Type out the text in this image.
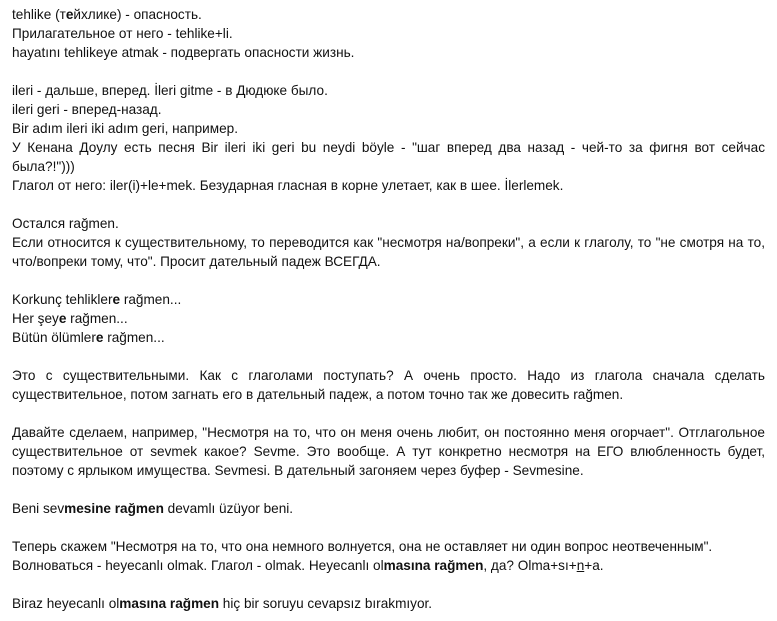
tehlike (тейхлике) - опасность.
Прилагательное от него - tehlike+li.
hayatını tehlikeye atmak - подвергать опасности жизнь.
ileri - дальше, вперед. İleri gitme - в Дюдюке было.
ileri geri - вперед-назад.
Bir adım ileri iki adım geri, например.
У Кенана Доулу есть песня Bir ileri iki geri bu neydi böyle - "шаг вперед два назад - чей-то за фигня вот сейчас была?!")))
Глагол от него: iler(i)+le+mek. Безударная гласная в корне улетает, как в шее. İlerlemek.
Остался rağmen.
Если относится к существительному, то переводится как "несмотря на/вопреки", а если к глаголу, то "не смотря на то, что/вопреки тому, что". Просит дательный падеж ВСЕГДА.
Korkunç tehliklere rağmen...
Her şeye rağmen...
Bütün ölümlere rağmen...
Это с существительными. Как с глаголами поступать? А очень просто. Надо из глагола сначала сделать существительное, потом загнать его в дательный падеж, а потом точно так же довесить rağmen.
Давайте сделаем, например, "Несмотря на то, что он меня очень любит, он постоянно меня огорчает". Отглагольное существительное от sevmek какое? Sevme. Это вообще. А тут конкретно несмотря на ЕГО влюбленность будет, поэтому с ярлыком имущества. Sevmesi. В дательный загоняем через буфер - Sevmesine.
Beni sevmesine rağmen devamlı üzüyor beni.
Теперь скажем "Несмотря на то, что она немного волнуется, она не оставляет ни один вопрос неотвеченным".
Волноваться - heyecanlı olmak. Глагол - olmak. Heyecanlı olmasına rağmen, да? Olma+sı+n+a.
Biraz heyecanlı olmasına rağmen hiç bir soruyu cevapsız bırakmıyor.
